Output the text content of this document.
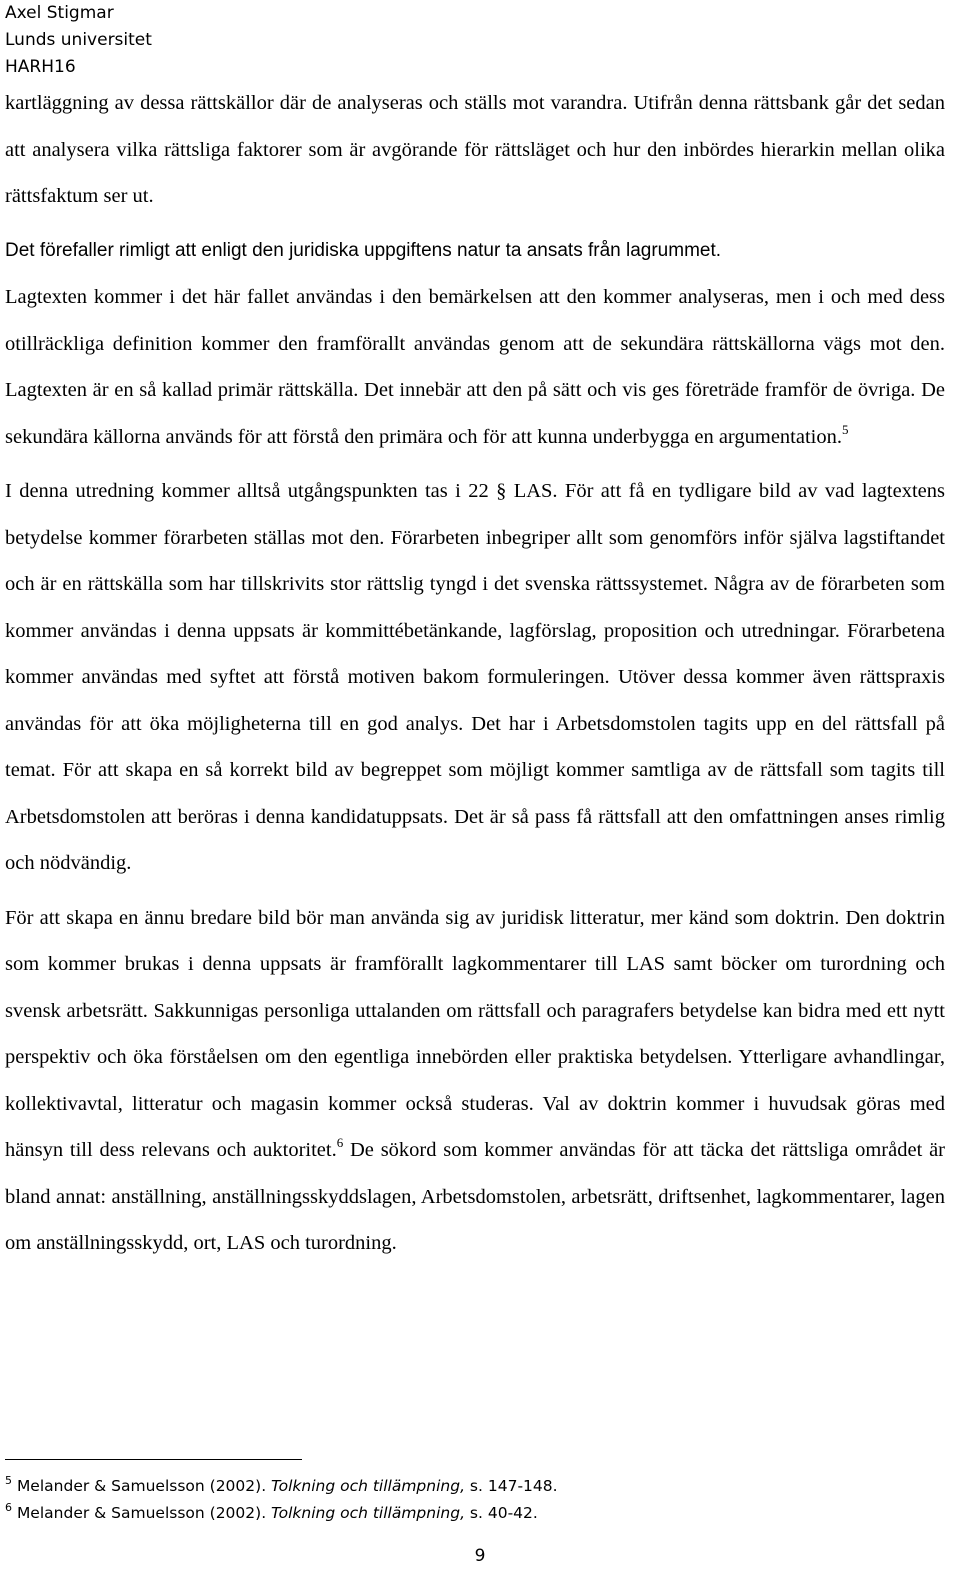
Axel Stigmar
Lunds universitet
HARH16

kartläggning av dessa rättskällor där de analyseras och ställs mot varandra. Utifrån denna rättsbank går det sedan att analysera vilka rättsliga faktorer som är avgörande för rättsläget och hur den inbördes hierarkin mellan olika rättsfaktum ser ut.

Det förefaller rimligt att enligt den juridiska uppgiftens natur ta ansats från lagrummet.

Lagtexten kommer i det här fallet användas i den bemärkelsen att den kommer analyseras, men i och med dess otillräckliga definition kommer den framförallt användas genom att de sekundära rättskällorna vägs mot den. Lagtexten är en så kallad primär rättskälla. Det innebär att den på sätt och vis ges företräde framför de övriga. De sekundära källorna används för att förstå den primära och för att kunna underbygga en argumentation.$^5$

I denna utredning kommer alltså utgångspunkten tas i 22 § LAS. För att få en tydligare bild av vad lagtextens betydelse kommer förarbeten ställas mot den. Förarbeten inbegriper allt som genomförs inför själva lagstiftandet och är en rättskälla som har tillskrivits stor rättslig tyngd i det svenska rättssystemet. Några av de förarbeten som kommer användas i denna uppsats är kommittébetänkande, lagförslag, proposition och utredningar. Förarbetena kommer användas med syftet att förstå motiven bakom formuleringen. Utöver dessa kommer även rättspraxis användas för att öka möjligheterna till en god analys. Det har i Arbetsdomstolen tagits upp en del rättsfall på temat. För att skapa en så korrekt bild av begreppet som möjligt kommer samtliga av de rättsfall som tagits till Arbetsdomstolen att beröras i denna kandidatuppsats. Det är så pass få rättsfall att den omfattningen anses rimlig och nödvändig.

För att skapa en ännu bredare bild bör man använda sig av juridisk litteratur, mer känd som doktrin. Den doktrin som kommer brukas i denna uppsats är framförallt lagkommentarer till LAS samt böcker om turordning och svensk arbetsrätt. Sakkunnigas personliga uttalanden om rättsfall och paragrafers betydelse kan bidra med ett nytt perspektiv och öka förståelsen om den egentliga innebörden eller praktiska betydelsen. Ytterligare avhandlingar, kollektivavtal, litteratur och magasin kommer också studeras. Val av doktrin kommer i huvudsak göras med hänsyn till dess relevans och auktoritet.$^6$ De sökord som kommer användas för att täcka det rättsliga området är bland annat: anställning, anställningsskyddslagen, Arbetsdomstolen, arbetsrätt, driftsenhet, lagkommentarer, lagen om anställningsskydd, ort, LAS och turordning.

$^5$ Melander & Samuelsson (2002). Tolkning och tillämpning, s. 147-148.
$^6$ Melander & Samuelsson (2002). Tolkning och tillämpning, s. 40-42.
9
